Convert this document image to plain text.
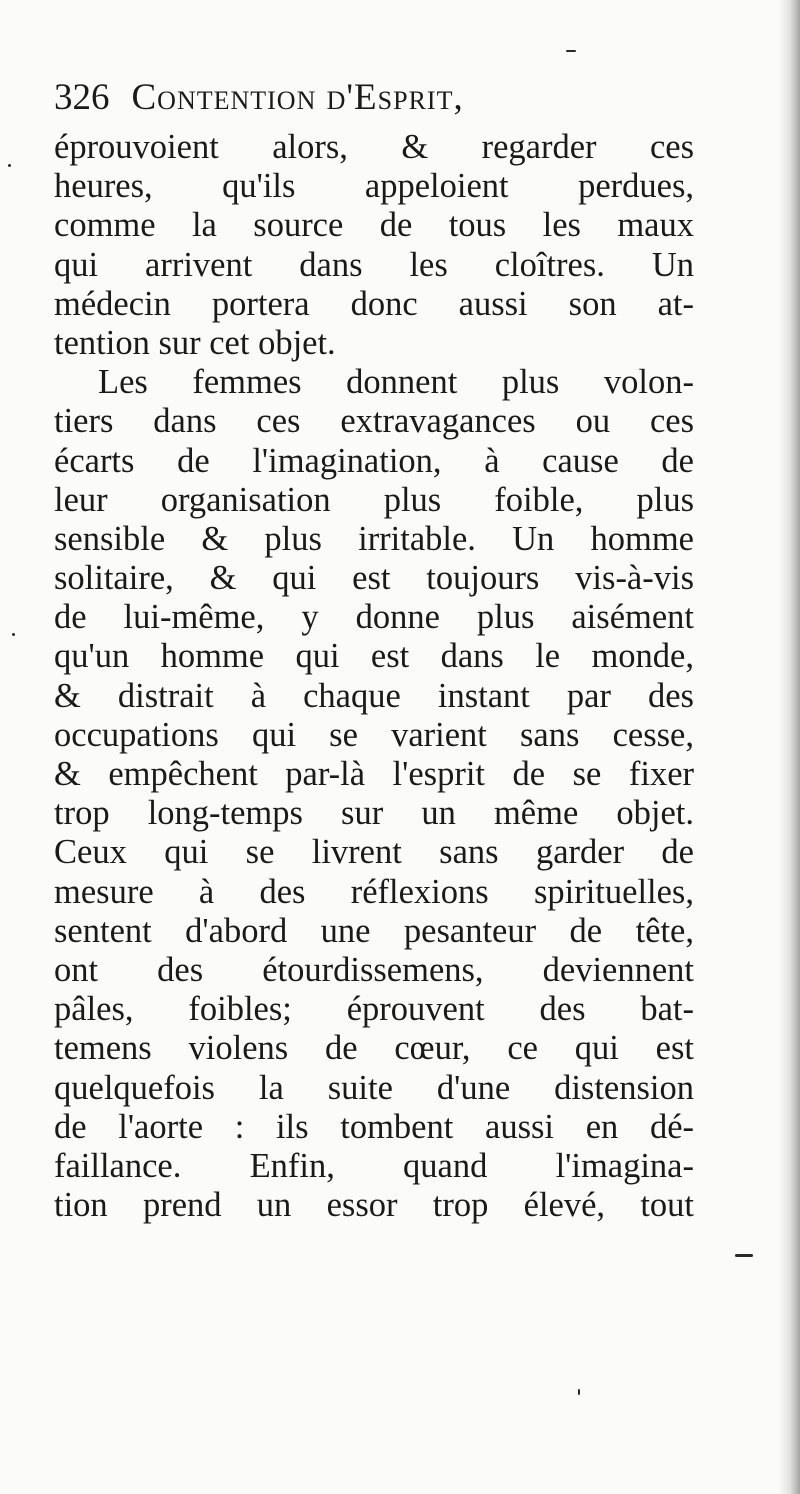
326 Contention d'Esprit,
éprouvoient alors, & regarder ces
heures, qu'ils appeloient perdues,
comme la source de tous les maux
qui arrivent dans les cloîtres. Un
médecin portera donc aussi son at-
tention sur cet objet.
Les femmes donnent plus volon-
tiers dans ces extravagances ou ces
écarts de l'imagination, à cause de
leur organisation plus foible, plus
sensible & plus irritable. Un homme
solitaire, & qui est toujours vis-à-vis
de lui-même, y donne plus aisément
qu'un homme qui est dans le monde,
& distrait à chaque instant par des
occupations qui se varient sans cesse,
& empêchent par-là l'esprit de se fixer
trop long-temps sur un même objet.
Ceux qui se livrent sans garder de
mesure à des réflexions spirituelles,
sentent d'abord une pesanteur de tête,
ont des étourdissemens, deviennent
pâles, foibles; éprouvent des bat-
temens violens de cœur, ce qui est
quelquefois la suite d'une distension
de l'aorte : ils tombent aussi en dé-
faillance. Enfin, quand l'imagina-
tion prend un essor trop élevé, tout
